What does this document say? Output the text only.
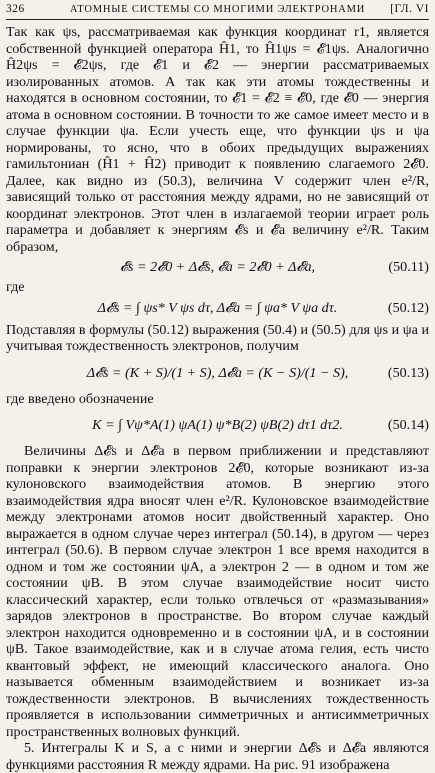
326	АТОМНЫЕ СИСТЕМЫ СО МНОГИМИ ЭЛЕКТРОНАМИ	[ГЛ. VI

Так как ψs, рассматриваемая как функция координат r1, является собственной функцией оператора Ĥ1, то Ĥ1ψs = 𝓔1ψs. Аналогично Ĥ2ψs = 𝓔2ψs, где 𝓔1 и 𝓔2 — энергии рассматриваемых изолированных атомов. А так как эти атомы тождественны и находятся в основном состоянии, то 𝓔1 = 𝓔2 ≡ 𝓔0, где 𝓔0 — энергия атома в основном состоянии. В точности то же самое имеет место и в случае функции ψa. Если учесть еще, что функции ψs и ψa нормированы, то ясно, что в обоих предыдущих выражениях гамильтониан (Ĥ1 + Ĥ2) приводит к появлению слагаемого 2𝓔0. Далее, как видно из (50.3), величина V содержит член e²/R, зависящий только от расстояния между ядрами, но не зависящий от координат электронов. Этот член в излагаемой теории играет роль параметра и добавляет к энергиям 𝓔s и 𝓔a величину e²/R. Таким образом,

𝓔s = 2𝓔0 + Δ𝓔s, 𝓔a = 2𝓔0 + Δ𝓔a,	(50.11)

где

Δ𝓔s = ∫ ψs* V ψs dτ, Δ𝓔a = ∫ ψa* V ψa dτ.	(50.12)

Подставляя в формулы (50.12) выражения (50.4) и (50.5) для ψs и ψa и учитывая тождественность электронов, получим

Δ𝓔s = (K + S)/(1 + S), Δ𝓔a = (K − S)/(1 − S),	(50.13)

где введено обозначение

K = ∫ Vψ*A(1) ψA(1) ψ*B(2) ψB(2) dτ1 dτ2.	(50.14)

Величины Δ𝓔s и Δ𝓔a в первом приближении и представляют поправки к энергии электронов 2𝓔0, которые возникают из-за кулоновского взаимодействия атомов. В энергию этого взаимодействия ядра вносят член e²/R. Кулоновское взаимодействие между электронами атомов носит двойственный характер. Оно выражается в одном случае через интеграл (50.14), в другом — через интеграл (50.6). В первом случае электрон 1 все время находится в одном и том же состоянии ψA, а электрон 2 — в одном и том же состоянии ψB. В этом случае взаимодействие носит чисто классический характер, если только отвлечься от «размазывания» зарядов электронов в пространстве. Во втором случае каждый электрон находится одновременно и в состоянии ψA, и в состоянии ψB. Такое взаимодействие, как и в случае атома гелия, есть чисто квантовый эффект, не имеющий классического аналога. Оно называется обменным взаимодействием и возникает из-за тождественности электронов. В вычислениях тождественность проявляется в использовании симметричных и антисимметричных пространственных волновых функций.

5. Интегралы K и S, а с ними и энергии Δ𝓔s и Δ𝓔a являются функциями расстояния R между ядрами. На рис. 91 изображена
